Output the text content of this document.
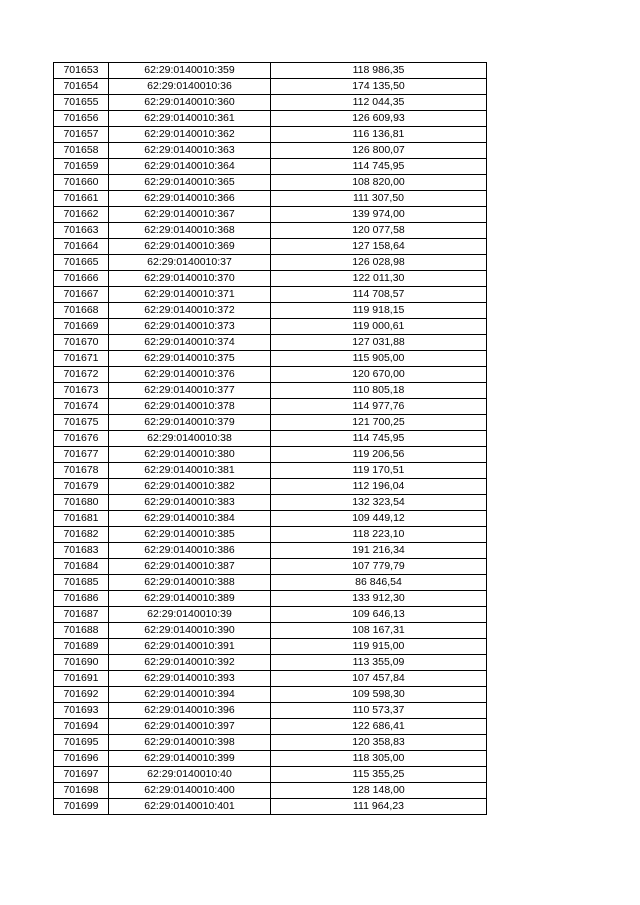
701653	62:29:0140010:359	118 986,35
701654	62:29:0140010:36	174 135,50
701655	62:29:0140010:360	112 044,35
701656	62:29:0140010:361	126 609,93
701657	62:29:0140010:362	116 136,81
701658	62:29:0140010:363	126 800,07
701659	62:29:0140010:364	114 745,95
701660	62:29:0140010:365	108 820,00
701661	62:29:0140010:366	111 307,50
701662	62:29:0140010:367	139 974,00
701663	62:29:0140010:368	120 077,58
701664	62:29:0140010:369	127 158,64
701665	62:29:0140010:37	126 028,98
701666	62:29:0140010:370	122 011,30
701667	62:29:0140010:371	114 708,57
701668	62:29:0140010:372	119 918,15
701669	62:29:0140010:373	119 000,61
701670	62:29:0140010:374	127 031,88
701671	62:29:0140010:375	115 905,00
701672	62:29:0140010:376	120 670,00
701673	62:29:0140010:377	110 805,18
701674	62:29:0140010:378	114 977,76
701675	62:29:0140010:379	121 700,25
701676	62:29:0140010:38	114 745,95
701677	62:29:0140010:380	119 206,56
701678	62:29:0140010:381	119 170,51
701679	62:29:0140010:382	112 196,04
701680	62:29:0140010:383	132 323,54
701681	62:29:0140010:384	109 449,12
701682	62:29:0140010:385	118 223,10
701683	62:29:0140010:386	191 216,34
701684	62:29:0140010:387	107 779,79
701685	62:29:0140010:388	86 846,54
701686	62:29:0140010:389	133 912,30
701687	62:29:0140010:39	109 646,13
701688	62:29:0140010:390	108 167,31
701689	62:29:0140010:391	119 915,00
701690	62:29:0140010:392	113 355,09
701691	62:29:0140010:393	107 457,84
701692	62:29:0140010:394	109 598,30
701693	62:29:0140010:396	110 573,37
701694	62:29:0140010:397	122 686,41
701695	62:29:0140010:398	120 358,83
701696	62:29:0140010:399	118 305,00
701697	62:29:0140010:40	115 355,25
701698	62:29:0140010:400	128 148,00
701699	62:29:0140010:401	111 964,23
